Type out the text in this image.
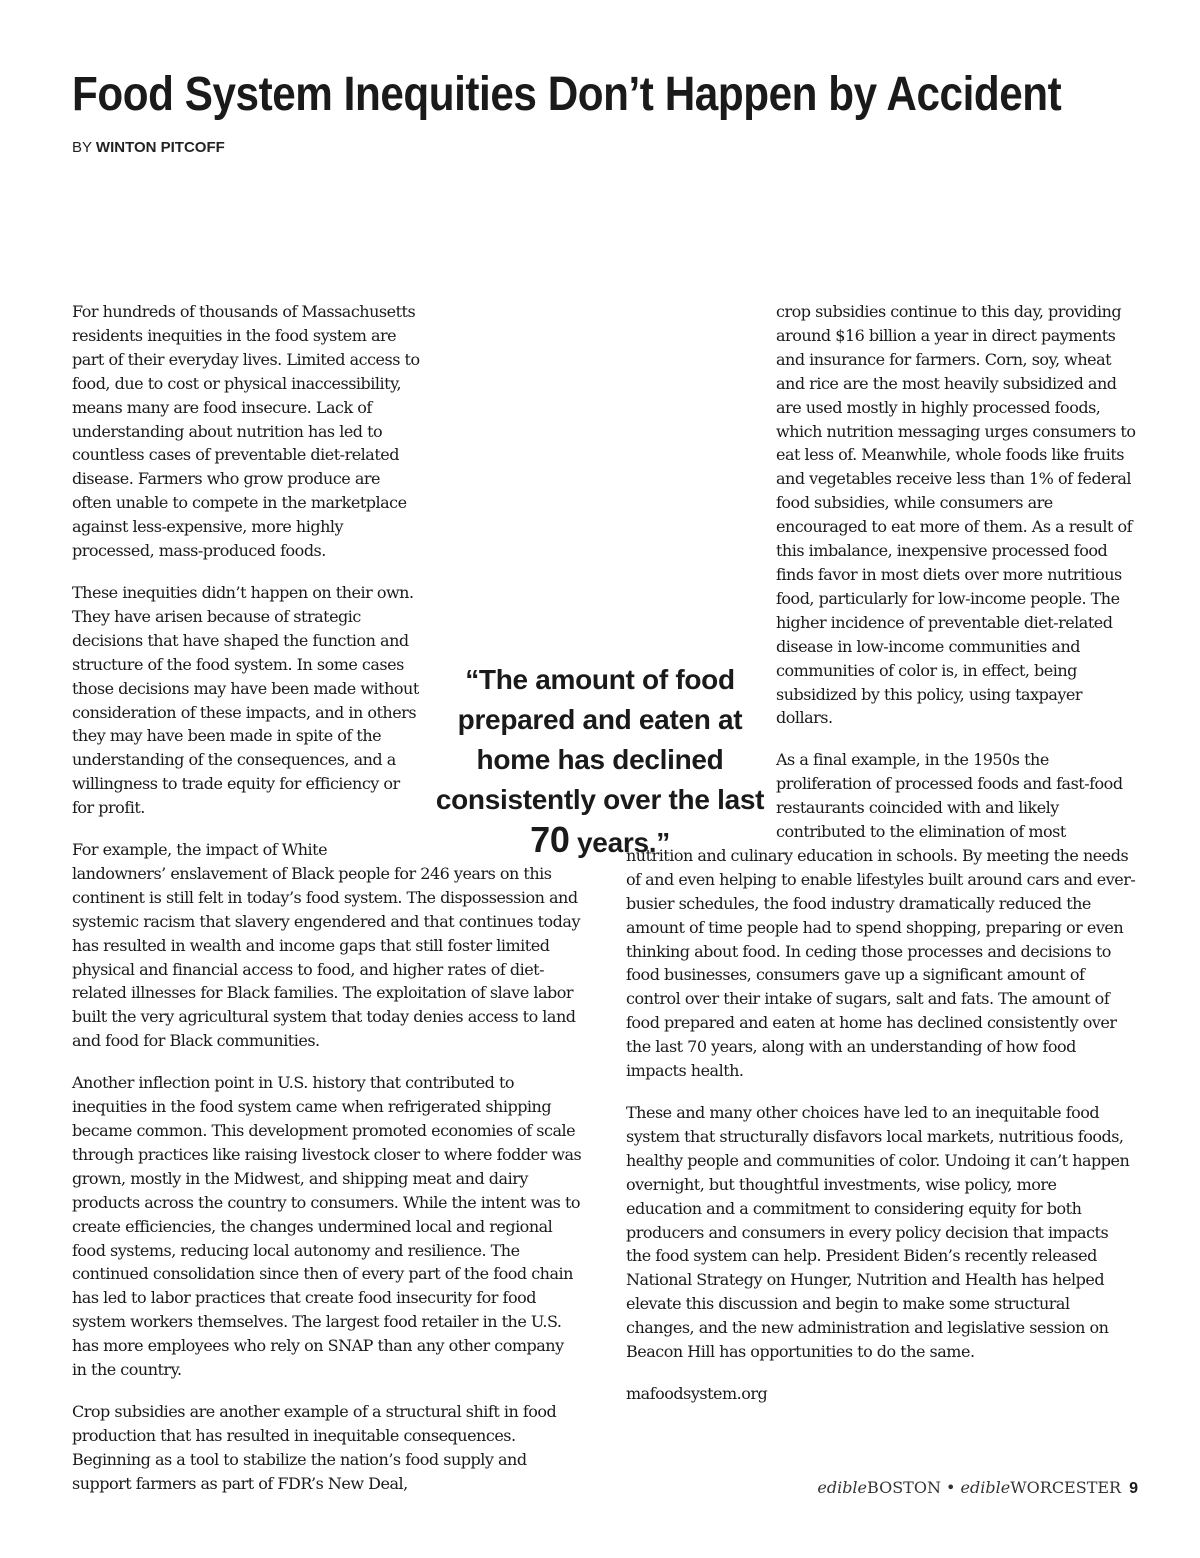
Food System Inequities Don’t Happen by Accident
BY WINTON PITCOFF

For hundreds of thousands of Massachusetts residents inequities in the food system are part of their everyday lives. Limited access to food, due to cost or physical inaccessibility, means many are food insecure. Lack of understanding about nutrition has led to countless cases of preventable diet-related disease. Farmers who grow produce are often unable to compete in the marketplace against less-expensive, more highly processed, mass-produced foods.

These inequities didn’t happen on their own. They have arisen because of strategic decisions that have shaped the function and structure of the food system. In some cases those decisions may have been made without consideration of these impacts, and in others they may have been made in spite of the understanding of the consequences, and a willingness to trade equity for efficiency or for profit.

For example, the impact of White landowners’ enslavement of Black people for 246 years on this continent is still felt in today’s food system. The dispossession and systemic racism that slavery engendered and that continues today has resulted in wealth and income gaps that still foster limited physical and financial access to food, and higher rates of diet-related illnesses for Black families. The exploitation of slave labor built the very agricultural system that today denies access to land and food for Black communities.

Another inflection point in U.S. history that contributed to inequities in the food system came when refrigerated shipping became common. This development promoted economies of scale through practices like raising livestock closer to where fodder was grown, mostly in the Midwest, and shipping meat and dairy products across the country to consumers. While the intent was to create efficiencies, the changes undermined local and regional food systems, reducing local autonomy and resilience. The continued consolidation since then of every part of the food chain has led to labor practices that create food insecurity for food system workers themselves. The largest food retailer in the U.S. has more employees who rely on SNAP than any other company in the country.

Crop subsidies are another example of a structural shift in food production that has resulted in inequitable consequences. Beginning as a tool to stabilize the nation’s food supply and support farmers as part of FDR’s New Deal,

crop subsidies continue to this day, providing around $16 billion a year in direct payments and insurance for farmers. Corn, soy, wheat and rice are the most heavily subsidized and are used mostly in highly processed foods, which nutrition messaging urges consumers to eat less of. Meanwhile, whole foods like fruits and vegetables receive less than 1% of federal food subsidies, while consumers are encouraged to eat more of them. As a result of this imbalance, inexpensive processed food finds favor in most diets over more nutritious food, particularly for low-income people. The higher incidence of preventable diet-related disease in low-income communities and communities of color is, in effect, being subsidized by this policy, using taxpayer dollars.

As a final example, in the 1950s the proliferation of processed foods and fast-food restaurants coincided with and likely contributed to the elimination of most nutrition and culinary education in schools. By meeting the needs of and even helping to enable lifestyles built around cars and ever-busier schedules, the food industry dramatically reduced the amount of time people had to spend shopping, preparing or even thinking about food. In ceding those processes and decisions to food businesses, consumers gave up a significant amount of control over their intake of sugars, salt and fats. The amount of food prepared and eaten at home has declined consistently over the last 70 years, along with an understanding of how food impacts health.

These and many other choices have led to an inequitable food system that structurally disfavors local markets, nutritious foods, healthy people and communities of color. Undoing it can’t happen overnight, but thoughtful investments, wise policy, more education and a commitment to considering equity for both producers and consumers in every policy decision that impacts the food system can help. President Biden’s recently released National Strategy on Hunger, Nutrition and Health has helped elevate this discussion and begin to make some structural changes, and the new administration and legislative session on Beacon Hill has opportunities to do the same.

mafoodsystem.org

“The amount of food prepared and eaten at home has declined consistently over the last 70 years.”
edibleBOSTON • edibleWORCESTER 9
